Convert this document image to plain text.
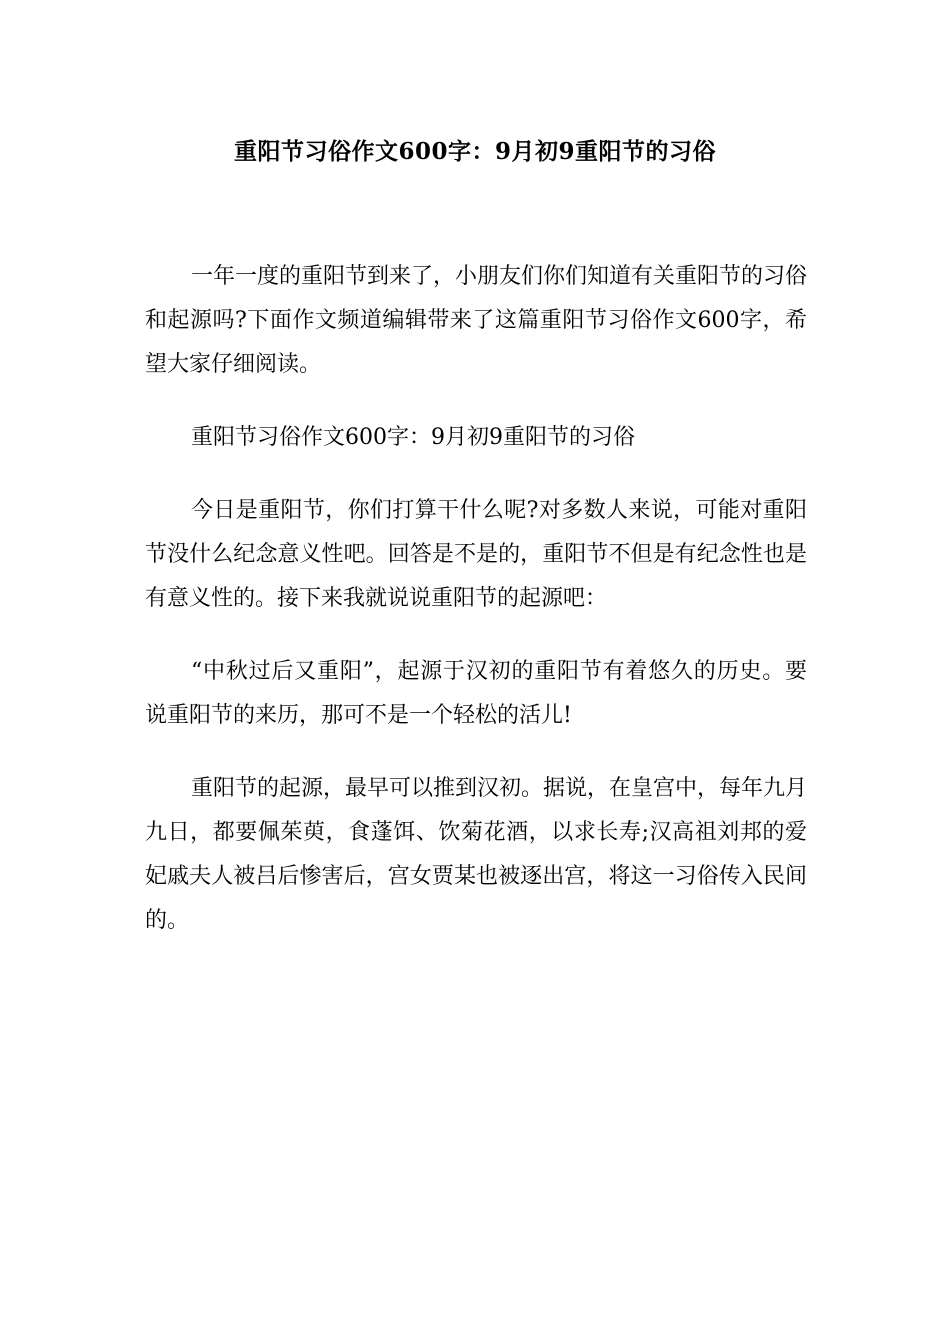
重阳节习俗作文600字：9月初9重阳节的习俗

一年一度的重阳节到来了，小朋友们你们知道有关重阳节的习俗和起源吗?下面作文频道编辑带来了这篇重阳节习俗作文600字，希望大家仔细阅读。

重阳节习俗作文600字：9月初9重阳节的习俗

今日是重阳节，你们打算干什么呢?对多数人来说，可能对重阳节没什么纪念意义性吧。回答是不是的，重阳节不但是有纪念性也是有意义性的。接下来我就说说重阳节的起源吧：

“中秋过后又重阳”，起源于汉初的重阳节有着悠久的历史。要说重阳节的来历，那可不是一个轻松的活儿!

重阳节的起源，最早可以推到汉初。据说，在皇宫中，每年九月九日，都要佩茱萸，食蓬饵、饮菊花酒，以求长寿;汉高祖刘邦的爱妃戚夫人被吕后惨害后，宫女贾某也被逐出宫，将这一习俗传入民间的。
